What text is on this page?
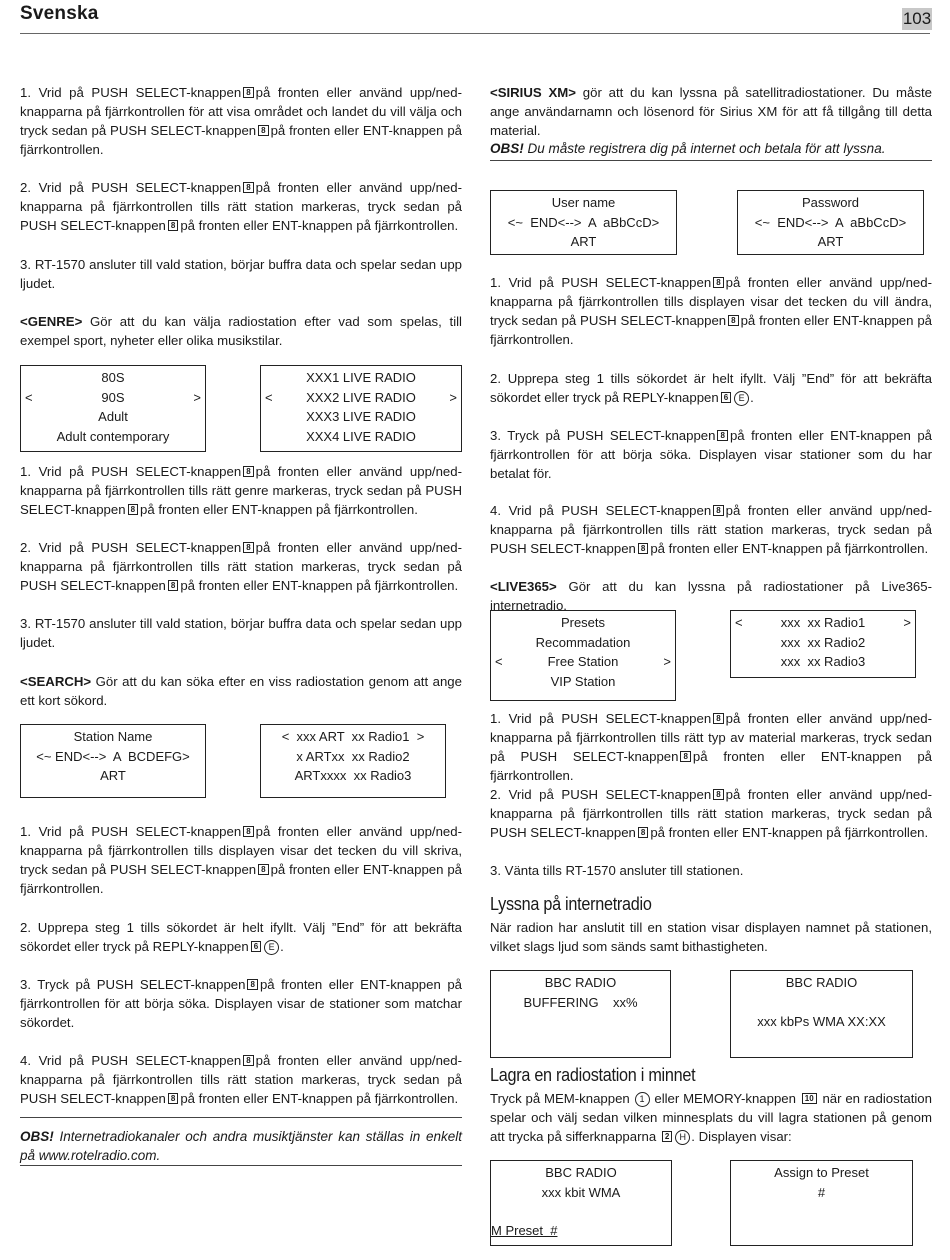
Svenska	103

1. Vrid på PUSH SELECT-knappen 8 på fronten eller använd upp/ned-knapparna på fjärrkontrollen för att visa området och landet du vill välja och tryck sedan på PUSH SELECT-knappen 8 på fronten eller ENT-knappen på fjärrkontrollen.

2. Vrid på PUSH SELECT-knappen 8 på fronten eller använd upp/ned-knapparna på fjärrkontrollen tills rätt station markeras, tryck sedan på PUSH SELECT-knappen 8 på fronten eller ENT-knappen på fjärrkontrollen.

3. RT-1570 ansluter till vald station, börjar buffra data och spelar sedan upp ljudet.

<GENRE> Gör att du kan välja radiostation efter vad som spelas, till exempel sport, nyheter eller olika musikstilar.

80S
<	90S	>
Adult
Adult contemporary
XXX1 LIVE RADIO
<	XXX2 LIVE RADIO	>
XXX3 LIVE RADIO
XXX4 LIVE RADIO

1. Vrid på PUSH SELECT-knappen 8 på fronten eller använd upp/ned-knapparna på fjärrkontrollen tills rätt genre markeras, tryck sedan på PUSH SELECT-knappen 8 på fronten eller ENT-knappen på fjärrkontrollen.

2. Vrid på PUSH SELECT-knappen 8 på fronten eller använd upp/ned-knapparna på fjärrkontrollen tills rätt station markeras, tryck sedan på PUSH SELECT-knappen 8 på fronten eller ENT-knappen på fjärrkontrollen.

3. RT-1570 ansluter till vald station, börjar buffra data och spelar sedan upp ljudet.

<SEARCH> Gör att du kan söka efter en viss radiostation genom att ange ett kort sökord.

Station Name
<~ END<-->  A  BCDEFG>
ART
<  xxx ART  xx Radio1  >
x ARTxx  xx Radio2
ARTxxxx  xx Radio3

1. Vrid på PUSH SELECT-knappen 8 på fronten eller använd upp/ned-knapparna på fjärrkontrollen tills displayen visar det tecken du vill skriva, tryck sedan på PUSH SELECT-knappen 8 på fronten eller ENT-knappen på fjärrkontrollen.

2. Upprepa steg 1 tills sökordet är helt ifyllt. Välj ”End” för att bekräfta sökordet eller tryck på REPLY-knappen 6 E .

3. Tryck på PUSH SELECT-knappen 8 på fronten eller ENT-knappen på fjärrkontrollen för att börja söka. Displayen visar de stationer som matchar sökordet.

4. Vrid på PUSH SELECT-knappen 8 på fronten eller använd upp/ned-knapparna på fjärrkontrollen tills rätt station markeras, tryck sedan på PUSH SELECT-knappen 8 på fronten eller ENT-knappen på fjärrkontrollen.

OBS! Internetradiokanaler och andra musiktjänster kan ställas in enkelt på www.rotelradio.com.

<SIRIUS XM> gör att du kan lyssna på satellitradiostationer. Du måste ange användarnamn och lösenord för Sirius XM för att få tillgång till detta material.

OBS! Du måste registrera dig på internet och betala för att lyssna.

User name
<~  END<-->  A  aBbCcD>
ART
Password
<~  END<-->  A  aBbCcD>
ART

1. Vrid på PUSH SELECT-knappen 8 på fronten eller använd upp/ned-knapparna på fjärrkontrollen tills displayen visar det tecken du vill ändra, tryck sedan på PUSH SELECT-knappen 8 på fronten eller ENT-knappen på fjärrkontrollen.

2. Upprepa steg 1 tills sökordet är helt ifyllt. Välj ”End” för att bekräfta sökordet eller tryck på REPLY-knappen 6 E .

3. Tryck på PUSH SELECT-knappen 8 på fronten eller ENT-knappen på fjärrkontrollen för att börja söka. Displayen visar stationer som du har betalat för.

4. Vrid på PUSH SELECT-knappen 8 på fronten eller använd upp/ned-knapparna på fjärrkontrollen tills rätt station markeras, tryck sedan på PUSH SELECT-knappen 8 på fronten eller ENT-knappen på fjärrkontrollen.

<LIVE365> Gör att du kan lyssna på radiostationer på Live365-internetradio.

Presets
Recommadation
<	Free Station	>
VIP Station
<	xxx  xx Radio1	>
xxx  xx Radio2
xxx  xx Radio3

1. Vrid på PUSH SELECT-knappen 8 på fronten eller använd upp/ned-knapparna på fjärrkontrollen tills rätt typ av material markeras, tryck sedan på PUSH SELECT-knappen 8 på fronten eller ENT-knappen på fjärrkontrollen.

2. Vrid på PUSH SELECT-knappen 8 på fronten eller använd upp/ned-knapparna på fjärrkontrollen tills rätt station markeras, tryck sedan på PUSH SELECT-knappen 8 på fronten eller ENT-knappen på fjärrkontrollen.

3. Vänta tills RT-1570 ansluter till stationen.

Lyssna på internetradio

När radion har anslutit till en station visar displayen namnet på stationen, vilket slags ljud som sänds samt bithastigheten.

BBC RADIO
BUFFERING    xx%
BBC RADIO

xxx kbPs WMA XX:XX
Lagra en radiostation i minnet

Tryck på MEM-knappen 1 eller MEMORY-knappen 10 när en radiostation spelar och välj sedan vilken minnesplats du vill lagra stationen på genom att trycka på sifferknapparna 2 H . Displayen visar:

BBC RADIO
xxx kbit WMA
M Preset  #
Assign to Preset
#
